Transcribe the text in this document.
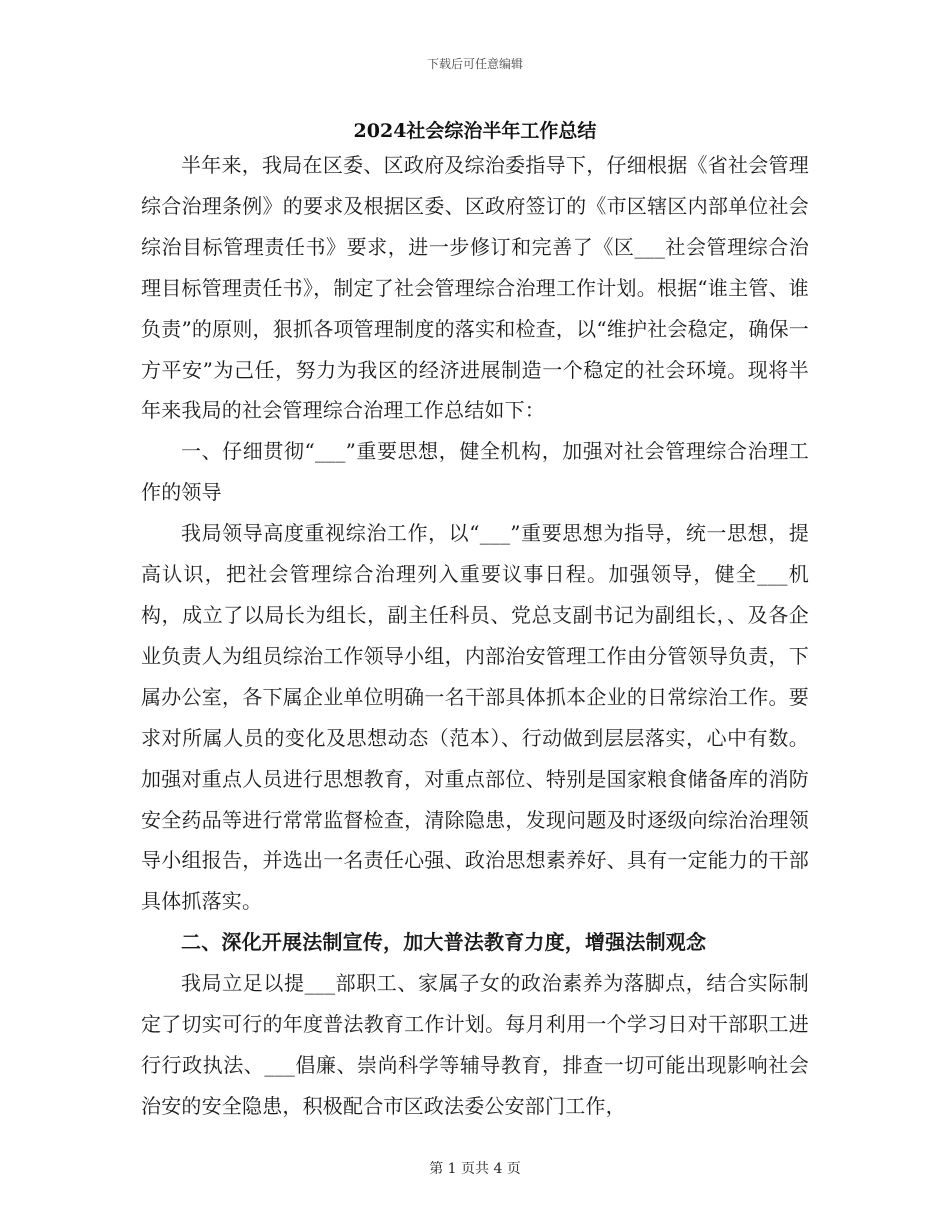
下载后可任意编辑
2024社会综治半年工作总结

半年来，我局在区委、区政府及综治委指导下，仔细根据《省社会管理综合治理条例》的要求及根据区委、区政府签订的《市区辖区内部单位社会综治目标管理责任书》要求，进一步修订和完善了《区___社会管理综合治理目标管理责任书》，制定了社会管理综合治理工作计划。根据“谁主管、谁负责”的原则，狠抓各项管理制度的落实和检查，以“维护社会稳定，确保一方平安”为己任，努力为我区的经济进展制造一个稳定的社会环境。现将半年来我局的社会管理综合治理工作总结如下：

一、仔细贯彻“___”重要思想，健全机构，加强对社会管理综合治理工作的领导

我局领导高度重视综治工作，以“___”重要思想为指导，统一思想，提高认识，把社会管理综合治理列入重要议事日程。加强领导，健全___机构，成立了以局长为组长，副主任科员、党总支副书记为副组长，、及各企业负责人为组员综治工作领导小组，内部治安管理工作由分管领导负责，下属办公室，各下属企业单位明确一名干部具体抓本企业的日常综治工作。要求对所属人员的变化及思想动态（范本）、行动做到层层落实，心中有数。加强对重点人员进行思想教育，对重点部位、特别是国家粮食储备库的消防安全药品等进行常常监督检查，清除隐患，发现问题及时逐级向综治治理领导小组报告，并选出一名责任心强、政治思想素养好、具有一定能力的干部具体抓落实。

二、深化开展法制宣传，加大普法教育力度，增强法制观念

我局立足以提___部职工、家属子女的政治素养为落脚点，结合实际制定了切实可行的年度普法教育工作计划。每月利用一个学习日对干部职工进行行政执法、___倡廉、崇尚科学等辅导教育，排查一切可能出现影响社会治安的安全隐患，积极配合市区政法委公安部门工作，

第 1 页共 4 页
